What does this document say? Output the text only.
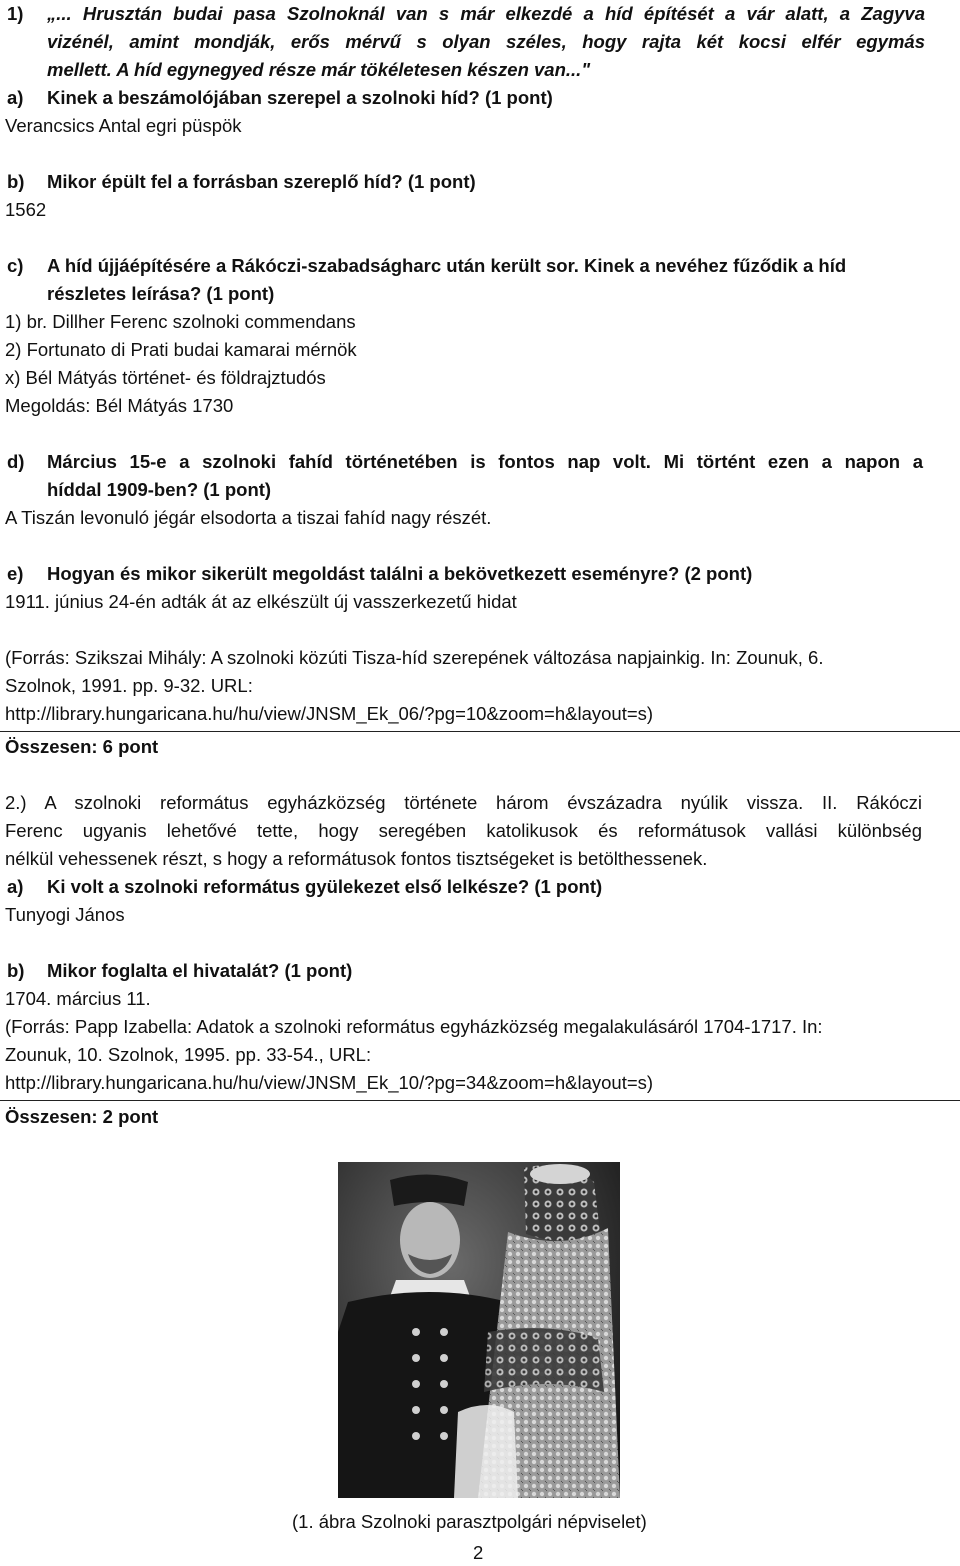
1) „... Hrusztán budai pasa Szolnoknál van s már elkezdé a híd építését a vár alatt, a Zagyva
vizénél, amint mondják, erős mérvű s olyan széles, hogy rajta két kocsi elfér egymás
mellett. A híd egynegyed része már tökéletesen készen van..."
a) Kinek a beszámolójában szerepel a szolnoki híd? (1 pont)
Verancsics Antal egri püspök
b) Mikor épült fel a forrásban szereplő híd? (1 pont)
1562
c) A híd újjáépítésére a Rákóczi-szabadságharc után került sor. Kinek a nevéhez fűződik a híd
részletes leírása? (1 pont)
1) br. Dillher Ferenc szolnoki commendans
2) Fortunato di Prati budai kamarai mérnök
x) Bél Mátyás történet- és földrajztudós
Megoldás: Bél Mátyás 1730
d) Március 15-e a szolnoki fahíd történetében is fontos nap volt. Mi történt ezen a napon a
híddal 1909-ben? (1 pont)
A Tiszán levonuló jégár elsodorta a tiszai fahíd nagy részét.
e) Hogyan és mikor sikerült megoldást találni a bekövetkezett eseményre? (2 pont)
1911. június 24-én adták át az elkészült új vasszerkezetű hidat
(Forrás: Szikszai Mihály: A szolnoki közúti Tisza-híd szerepének változása napjainkig. In: Zounuk, 6.
Szolnok, 1991. pp. 9-32. URL:
http://library.hungaricana.hu/hu/view/JNSM_Ek_06/?pg=10&zoom=h&layout=s)
Összesen: 6 pont
2.) A szolnoki református egyházközség története három évszázadra nyúlik vissza. II. Rákóczi
Ferenc ugyanis lehetővé tette, hogy seregében katolikusok és reformátusok vallási különbség
nélkül vehessenek részt, s hogy a reformátusok fontos tisztségeket is betölthessenek.
a) Ki volt a szolnoki református gyülekezet első lelkésze? (1 pont)
Tunyogi János
b) Mikor foglalta el hivatalát? (1 pont)
1704. március 11.
(Forrás: Papp Izabella: Adatok a szolnoki református egyházközség megalakulásáról 1704-1717. In:
Zounuk, 10. Szolnok, 1995. pp. 33-54., URL:
http://library.hungaricana.hu/hu/view/JNSM_Ek_10/?pg=34&zoom=h&layout=s)
Összesen: 2 pont
(1. ábra Szolnoki parasztpolgári népviselet)
2
